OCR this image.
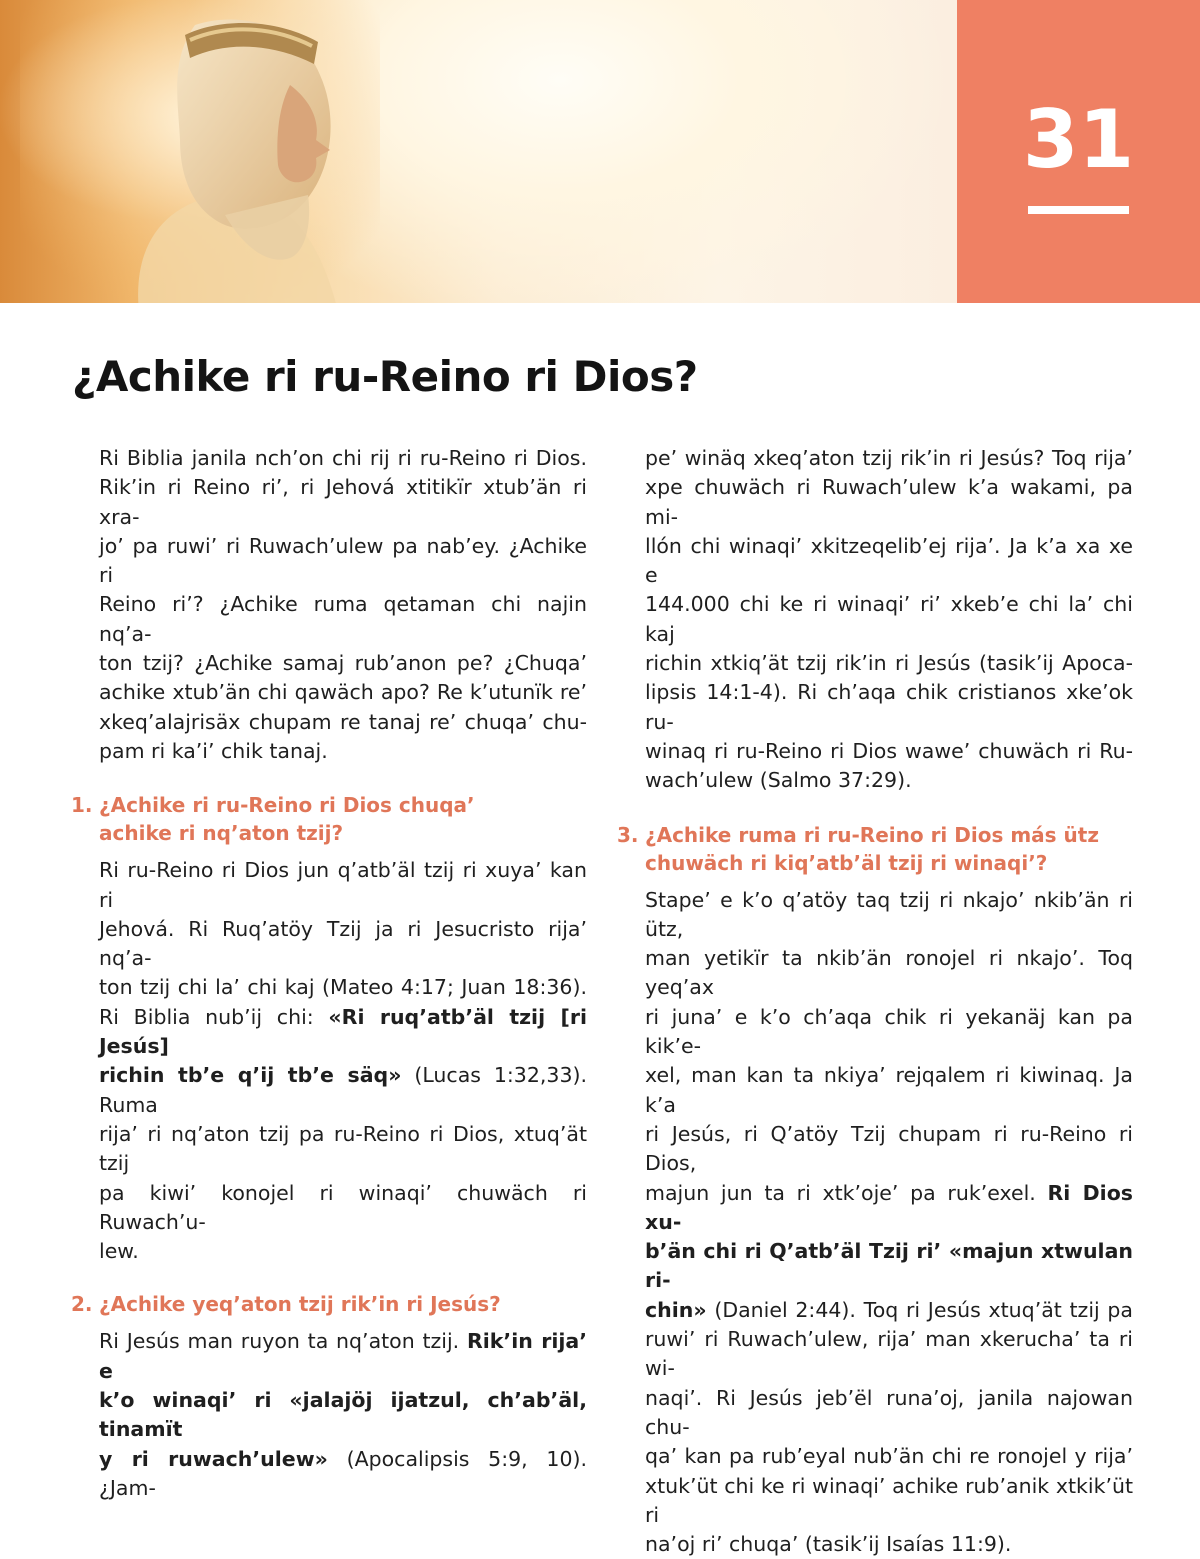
31
¿Achike ri ru-Reino ri Dios?

Ri Biblia janila nch’on chi rij ri ru-Reino ri Dios.
Rik’in ri Reino ri’, ri Jehová xtitikïr xtub’än ri xra-
jo’ pa ruwi’ ri Ruwach’ulew pa nab’ey. ¿Achike ri
Reino ri’? ¿Achike ruma qetaman chi najin nq’a-
ton tzij? ¿Achike samaj rub’anon pe? ¿Chuqa’
achike xtub’än chi qawäch apo? Re k’utunïk re’
xkeq’alajrisäx chupam re tanaj re’ chuqa’ chu-
pam ri ka’i’ chik tanaj.

1. ¿Achike ri ru-Reino ri Dios chuqa’
achike ri nq’aton tzij?

Ri ru-Reino ri Dios jun q’atb’äl tzij ri xuya’ kan ri
Jehová. Ri Ruq’atöy Tzij ja ri Jesucristo rija’ nq’a-
ton tzij chi la’ chi kaj (Mateo 4:17; Juan 18:36).
Ri Biblia nub’ij chi: «Ri ruq’atb’äl tzij [ri Jesús]
richin tb’e q’ij tb’e säq» (Lucas 1:32,33). Ruma
rija’ ri nq’aton tzij pa ru-Reino ri Dios, xtuq’ät tzij
pa kiwi’ konojel ri winaqi’ chuwäch ri Ruwach’u-
lew.

2. ¿Achike yeq’aton tzij rik’in ri Jesús?

Ri Jesús man ruyon ta nq’aton tzij. Rik’in rija’ e
k’o winaqi’ ri «jalajöj ijatzul, ch’ab’äl, tinamït
y ri ruwach’ulew» (Apocalipsis 5:9, 10). ¿Jam-

pe’ winäq xkeq’aton tzij rik’in ri Jesús? Toq rija’
xpe chuwäch ri Ruwach’ulew k’a wakami, pa mi-
llón chi winaqi’ xkitzeqelib’ej rija’. Ja k’a xa xe e
144.000 chi ke ri winaqi’ ri’ xkeb’e chi la’ chi kaj
richin xtkiq’ät tzij rik’in ri Jesús (tasik’ij Apoca-
lipsis 14:1-4). Ri ch’aqa chik cristianos xke’ok ru-
winaq ri ru-Reino ri Dios wawe’ chuwäch ri Ru-
wach’ulew (Salmo 37:29).

3. ¿Achike ruma ri ru-Reino ri Dios más ütz
chuwäch ri kiq’atb’äl tzij ri winaqi’?

Stape’ e k’o q’atöy taq tzij ri nkajo’ nkib’än ri ütz,
man yetikïr ta nkib’än ronojel ri nkajo’. Toq yeq’ax
ri juna’ e k’o ch’aqa chik ri yekanäj kan pa kik’e-
xel, man kan ta nkiya’ rejqalem ri kiwinaq. Ja k’a
ri Jesús, ri Q’atöy Tzij chupam ri ru-Reino ri Dios,
majun jun ta ri xtk’oje’ pa ruk’exel. Ri Dios xu-
b’än chi ri Q’atb’äl Tzij ri’ «majun xtwulan ri-
chin» (Daniel 2:44). Toq ri Jesús xtuq’ät tzij pa
ruwi’ ri Ruwach’ulew, rija’ man xkerucha’ ta ri wi-
naqi’. Ri Jesús jeb’ël runa’oj, janila najowan chu-
qa’ kan pa rub’eyal nub’än chi re ronojel y rija’
xtuk’üt chi ke ri winaqi’ achike rub’anik xtkik’üt ri
na’oj ri’ chuqa’ (tasik’ij Isaías 11:9).
